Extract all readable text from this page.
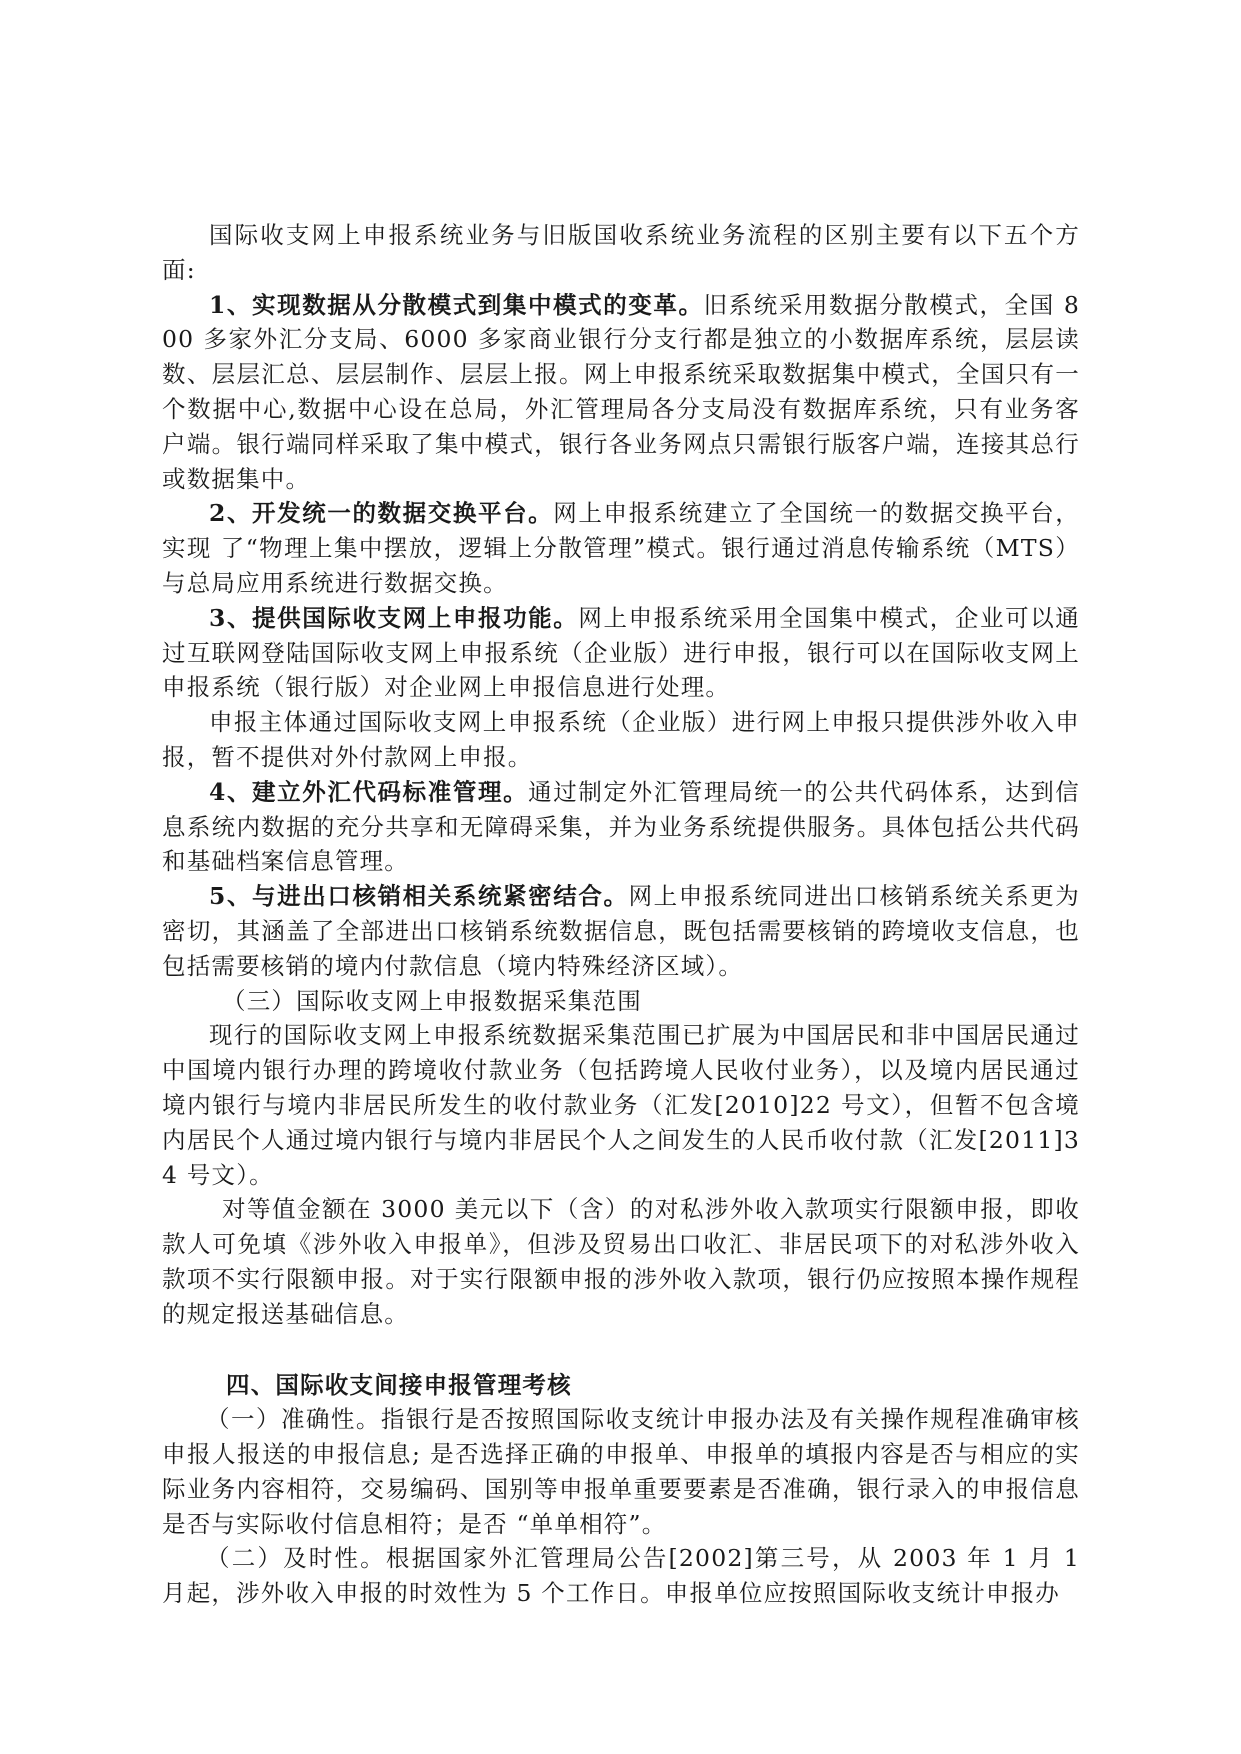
国际收支网上申报系统业务与旧版国收系统业务流程的区别主要有以下五个方面:

1、实现数据从分散模式到集中模式的变革。旧系统采用数据分散模式，全国 800 多家外汇分支局、6000 多家商业银行分支行都是独立的小数据库系统，层层读数、层层汇总、层层制作、层层上报。网上申报系统采取数据集中模式，全国只有一个数据中心,数据中心设在总局，外汇管理局各分支局没有数据库系统，只有业务客户端。银行端同样采取了集中模式，银行各业务网点只需银行版客户端，连接其总行或数据集中。

2、开发统一的数据交换平台。网上申报系统建立了全国统一的数据交换平台，实现 了“物理上集中摆放，逻辑上分散管理”模式。银行通过消息传输系统（MTS）与总局应用系统进行数据交换。

3、提供国际收支网上申报功能。网上申报系统采用全国集中模式，企业可以通过互联网登陆国际收支网上申报系统（企业版）进行申报，银行可以在国际收支网上申报系统（银行版）对企业网上申报信息进行处理。

申报主体通过国际收支网上申报系统（企业版）进行网上申报只提供涉外收入申报，暂不提供对外付款网上申报。

4、建立外汇代码标准管理。通过制定外汇管理局统一的公共代码体系，达到信息系统内数据的充分共享和无障碍采集，并为业务系统提供服务。具体包括公共代码和基础档案信息管理。

5、与进出口核销相关系统紧密结合。网上申报系统同进出口核销系统关系更为密切，其涵盖了全部进出口核销系统数据信息，既包括需要核销的跨境收支信息，也包括需要核销的境内付款信息（境内特殊经济区域）。

（三）国际收支网上申报数据采集范围

现行的国际收支网上申报系统数据采集范围已扩展为中国居民和非中国居民通过中国境内银行办理的跨境收付款业务（包括跨境人民收付业务），以及境内居民通过境内银行与境内非居民所发生的收付款业务（汇发[2010]22 号文），但暂不包含境内居民个人通过境内银行与境内非居民个人之间发生的人民币收付款（汇发[2011]34 号文）。

对等值金额在 3000 美元以下（含）的对私涉外收入款项实行限额申报，即收款人可免填《涉外收入申报单》，但涉及贸易出口收汇、非居民项下的对私涉外收入款项不实行限额申报。对于实行限额申报的涉外收入款项，银行仍应按照本操作规程的规定报送基础信息。

四、国际收支间接申报管理考核

（一）准确性。指银行是否按照国际收支统计申报办法及有关操作规程准确审核申报人报送的申报信息; 是否选择正确的申报单、申报单的填报内容是否与相应的实际业务内容相符，交易编码、国别等申报单重要要素是否准确，银行录入的申报信息是否与实际收付信息相符；是否 “单单相符”。

（二）及时性。根据国家外汇管理局公告[2002]第三号，从 2003 年 1 月 1 月起，涉外收入申报的时效性为 5 个工作日。申报单位应按照国际收支统计申报办
